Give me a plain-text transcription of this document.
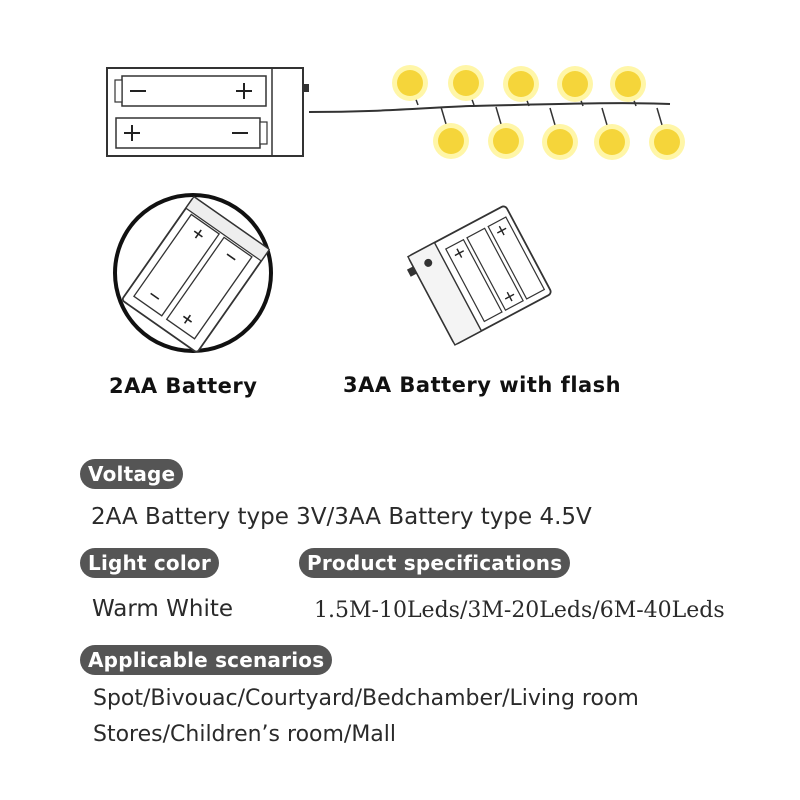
2AA Battery	3AA Battery with flash
Voltage
2AA Battery type 3V/3AA Battery type 4.5V
Light color
Warm White
Product specifications
1.5M-10Leds/3M-20Leds/6M-40Leds
Applicable scenarios
Spot/Bivouac/Courtyard/Bedchamber/Living room
Stores/Children’s room/Mall
